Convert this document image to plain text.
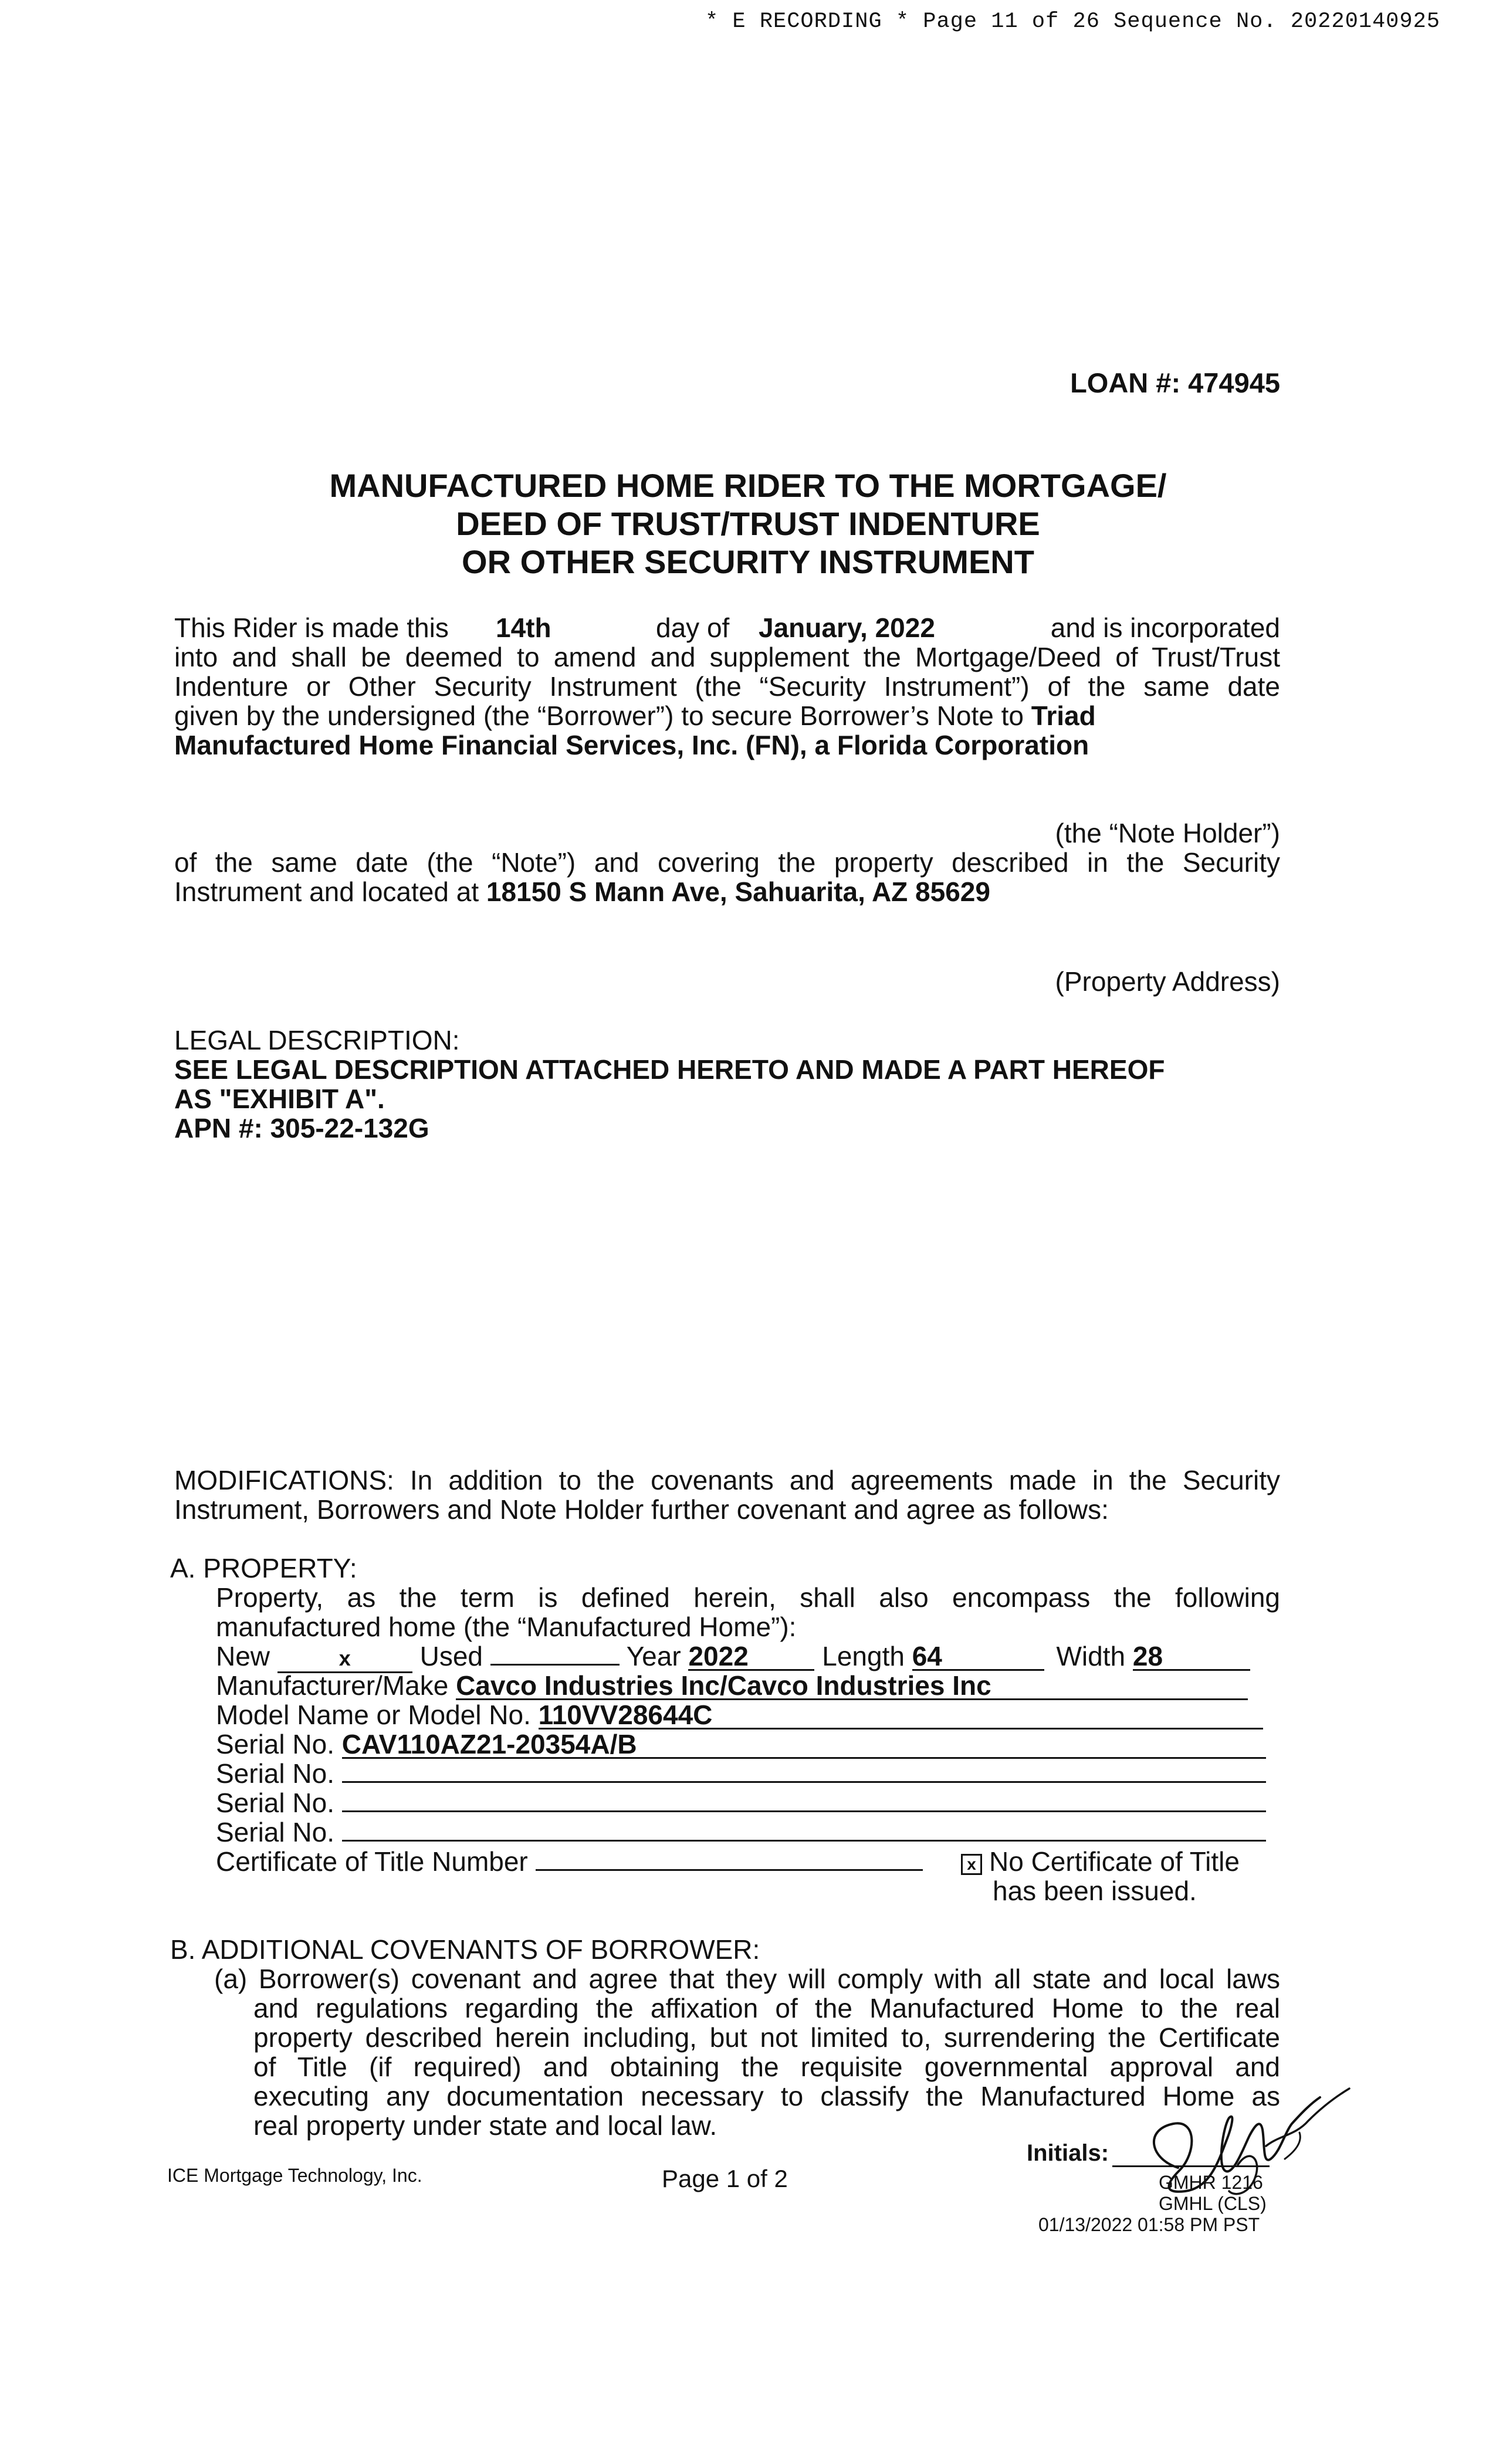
* E RECORDING * Page 11 of 26 Sequence No. 20220140925
LOAN #: 474945
MANUFACTURED HOME RIDER TO THE MORTGAGE/
DEED OF TRUST/TRUST INDENTURE
OR OTHER SECURITY INSTRUMENT
This Rider is made this 14th	day of January, 2022	and is incorporated
into and shall be deemed to amend and supplement the Mortgage/Deed of Trust/Trust
Indenture or Other Security Instrument (the “Security Instrument”) of the same date
given by the undersigned (the “Borrower”) to secure Borrower’s Note to Triad
Manufactured Home Financial Services, Inc. (FN), a Florida Corporation
(the “Note Holder”)
of the same date (the “Note”) and covering the property described in the Security
Instrument and located at 18150 S Mann Ave, Sahuarita, AZ 85629
(Property Address)
LEGAL DESCRIPTION:
SEE LEGAL DESCRIPTION ATTACHED HERETO AND MADE A PART HEREOF
AS "EXHIBIT A".
APN #: 305-22-132G
MODIFICATIONS: In addition to the covenants and agreements made in the Security
Instrument, Borrowers and Note Holder further covenant and agree as follows:
A. PROPERTY:
Property, as the term is defined herein, shall also encompass the following
manufactured home (the “Manufactured Home”):
New	x	Used	Year 2022	Length 64	Width 28
Manufacturer/Make Cavco Industries Inc/Cavco Industries Inc
Model Name or Model No. 110VV28644C
Serial No. CAV110AZ21-20354A/B
Serial No.
Serial No.
Serial No.
Certificate of Title Number	x No Certificate of Title
has been issued.
B. ADDITIONAL COVENANTS OF BORROWER:
(a) Borrower(s) covenant and agree that they will comply with all state and local laws
and regulations regarding the affixation of the Manufactured Home to the real
property described herein including, but not limited to, surrendering the Certificate
of Title (if required) and obtaining the requisite governmental approval and
executing any documentation necessary to classify the Manufactured Home as
real property under state and local law.
ICE Mortgage Technology, Inc.	Page 1 of 2
Initials:
GMHR 1216
GMHL (CLS)
01/13/2022 01:58 PM PST
